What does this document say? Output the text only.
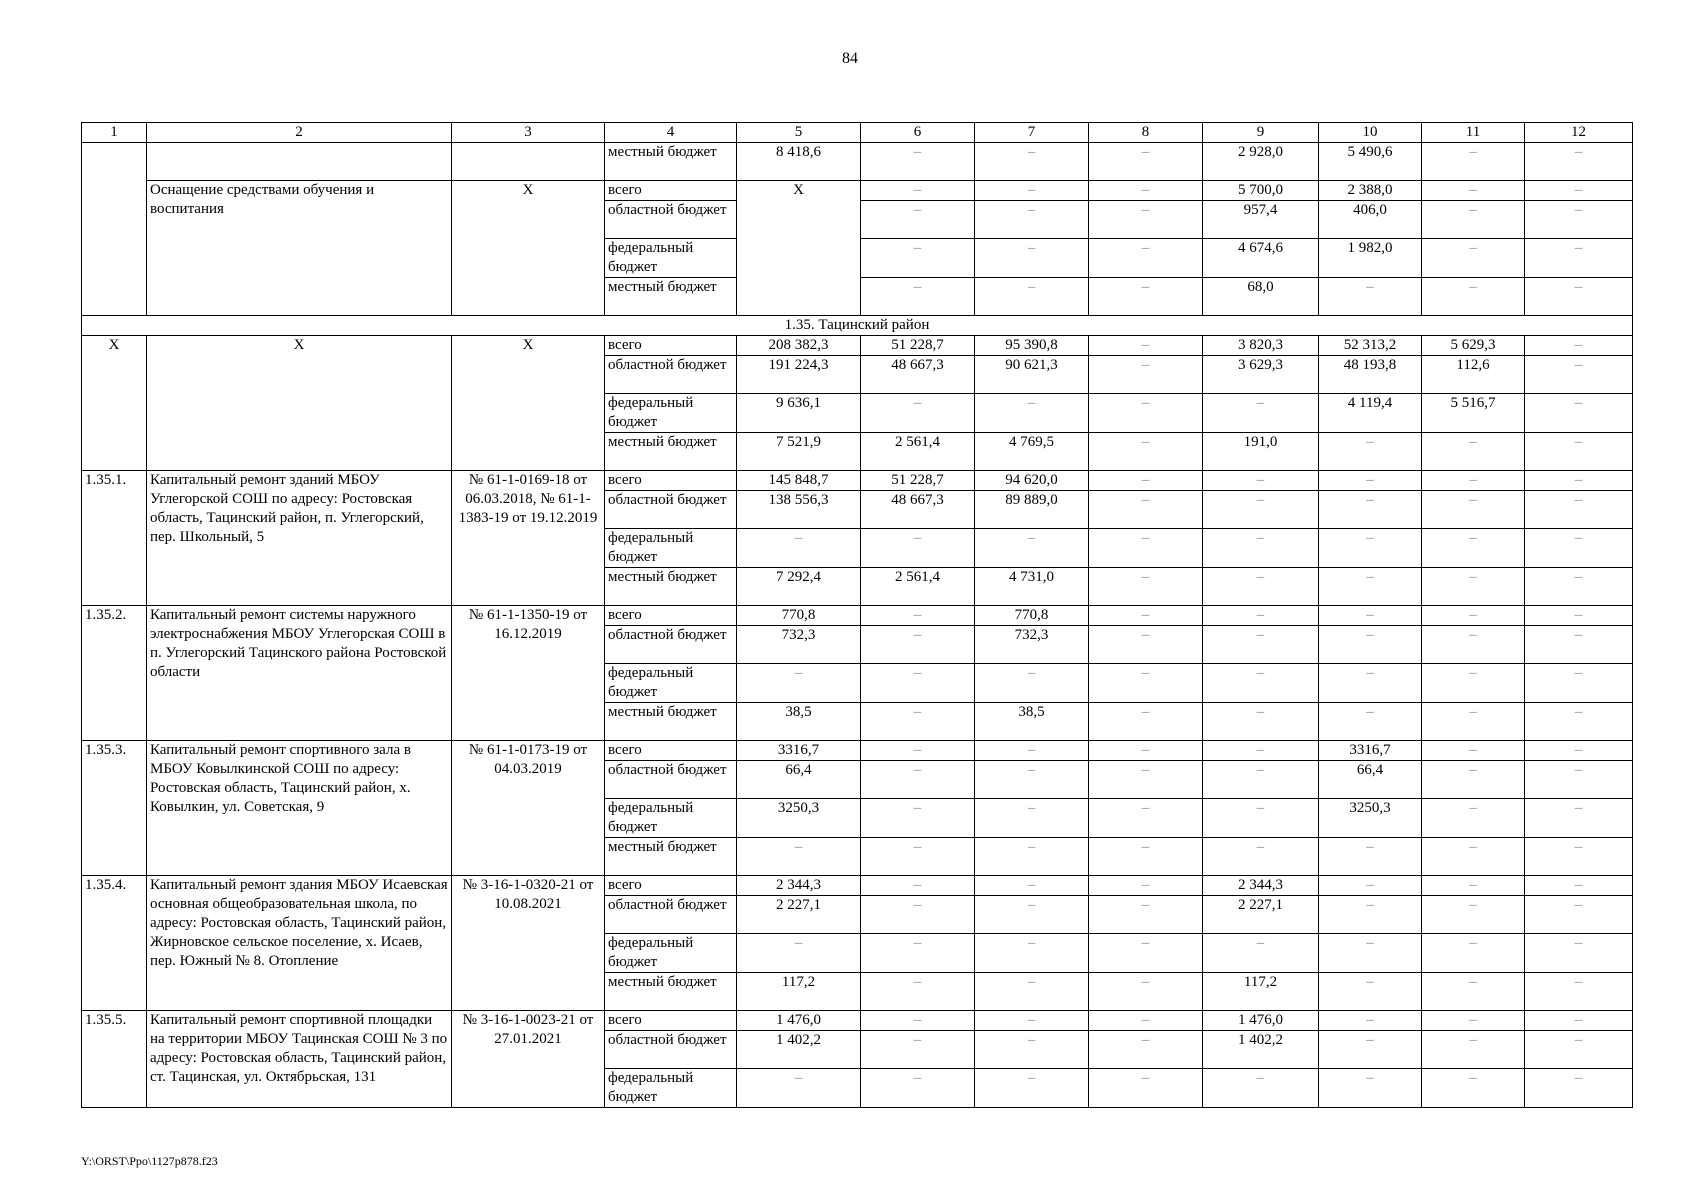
84
1	2	3	4	5	6	7	8	9	10	11	12
			местный бюджет	8 418,6	–	–	–	2 928,0	5 490,6	–	–
	Оснащение средствами обучения и воспитания	Х	всего	Х	–	–	–	5 700,0	2 388,0	–	–
			областной бюджет		–	–	–	957,4	406,0	–	–
			федеральный бюджет		–	–	–	4 674,6	1 982,0	–	–
			местный бюджет		–	–	–	68,0	–	–	–
1.35. Тацинский район											
Х	Х	Х	всего	208 382,3	51 228,7	95 390,8	–	3 820,3	52 313,2	5 629,3	–
			областной бюджет	191 224,3	48 667,3	90 621,3	–	3 629,3	48 193,8	112,6	–
			федеральный бюджет	9 636,1	–	–	–	–	4 119,4	5 516,7	–
			местный бюджет	7 521,9	2 561,4	4 769,5	–	191,0	–	–	–
1.35.1.	Капитальный ремонт зданий МБОУ Углегорской СОШ по адресу: Ростовская область, Тацинский район, п. Углегорский, пер. Школьный, 5	№ 61-1-0169-18 от 06.03.2018, № 61-1-1383-19 от 19.12.2019	всего	145 848,7	51 228,7	94 620,0	–	–	–	–	–
			областной бюджет	138 556,3	48 667,3	89 889,0	–	–	–	–	–
			федеральный бюджет	–	–	–	–	–	–	–	–
			местный бюджет	7 292,4	2 561,4	4 731,0	–	–	–	–	–
1.35.2.	Капитальный ремонт системы наружного электроснабжения МБОУ Углегорская СОШ в п. Углегорский Тацинского района Ростовской области	№ 61-1-1350-19 от 16.12.2019	всего	770,8	–	770,8	–	–	–	–	–
			областной бюджет	732,3	–	732,3	–	–	–	–	–
			федеральный бюджет	–	–	–	–	–	–	–	–
			местный бюджет	38,5	–	38,5	–	–	–	–	–
1.35.3.	Капитальный ремонт спортивного зала в МБОУ Ковылкинской СОШ по адресу: Ростовская область, Тацинский район, х. Ковылкин, ул. Советская, 9	№ 61-1-0173-19 от 04.03.2019	всего	3316,7	–	–	–	–	3316,7	–	–
			областной бюджет	66,4	–	–	–	–	66,4	–	–
			федеральный бюджет	3250,3	–	–	–	–	3250,3	–	–
			местный бюджет	–	–	–	–	–	–	–	–
1.35.4.	Капитальный ремонт здания МБОУ Исаевская основная общеобразовательная школа, по адресу: Ростовская область, Тацинский район, Жирновское сельское поселение, х. Исаев, пер. Южный № 8. Отопление	№ 3-16-1-0320-21 от 10.08.2021	всего	2 344,3	–	–	–	2 344,3	–	–	–
			областной бюджет	2 227,1	–	–	–	2 227,1	–	–	–
			федеральный бюджет	–	–	–	–	–	–	–	–
			местный бюджет	117,2	–	–	–	117,2	–	–	–
1.35.5.	Капитальный ремонт спортивной площадки на территории МБОУ Тацинская СОШ № 3 по адресу: Ростовская область, Тацинский район, ст. Тацинская, ул. Октябрьская, 131	№ 3-16-1-0023-21 от 27.01.2021	всего	1 476,0	–	–	–	1 476,0	–	–	–
			областной бюджет	1 402,2	–	–	–	1 402,2	–	–	–
			федеральный бюджет	–	–	–	–	–	–	–	–
Y:\ORST\Ppo\1127p878.f23
